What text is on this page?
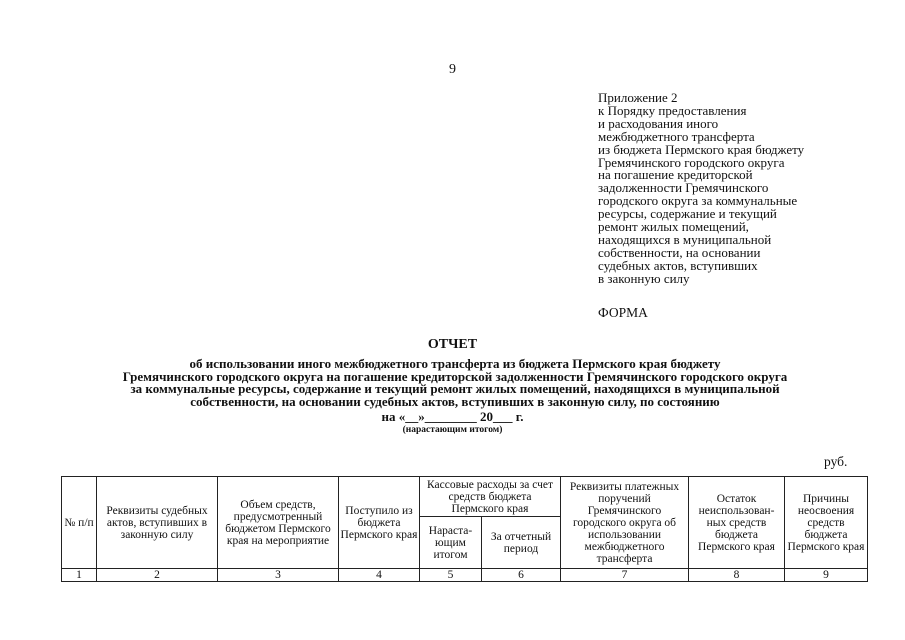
9
Приложение 2
к Порядку предоставления
и расходования иного
межбюджетного трансферта
из бюджета Пермского края бюджету
Гремячинского городского округа
на погашение кредиторской
задолженности Гремячинского
городского округа за коммунальные
ресурсы, содержание и текущий
ремонт жилых помещений,
находящихся в муниципальной
собственности, на основании
судебных актов, вступивших
в законную силу
ФОРМА
ОТЧЕТ
об использовании иного межбюджетного трансферта из бюджета Пермского края бюджету
Гремячинского городского округа на погашение кредиторской задолженности Гремячинского городского округа
за коммунальные ресурсы, содержание и текущий ремонт жилых помещений, находящихся в муниципальной
собственности, на основании судебных актов, вступивших в законную силу, по состоянию
на «__»________ 20___ г.
(нарастающим итогом)
руб.
№ п/п	Реквизиты судебных актов, вступивших в законную силу	Объем средств, предусмотренный бюджетом Пермского края на мероприятие	Поступило из бюджета Пермского края	Кассовые расходы за счет средств бюджета Пермского края		Реквизиты платежных поручений Гремячинского городского округа об использовании межбюджетного трансферта	Остаток неиспользован-ных средств бюджета Пермского края	Причины неосвоения средств бюджета Пермского края
				Нараста-ющим итогом	За отчетный период			
1	2	3	4	5	6	7	8	9
